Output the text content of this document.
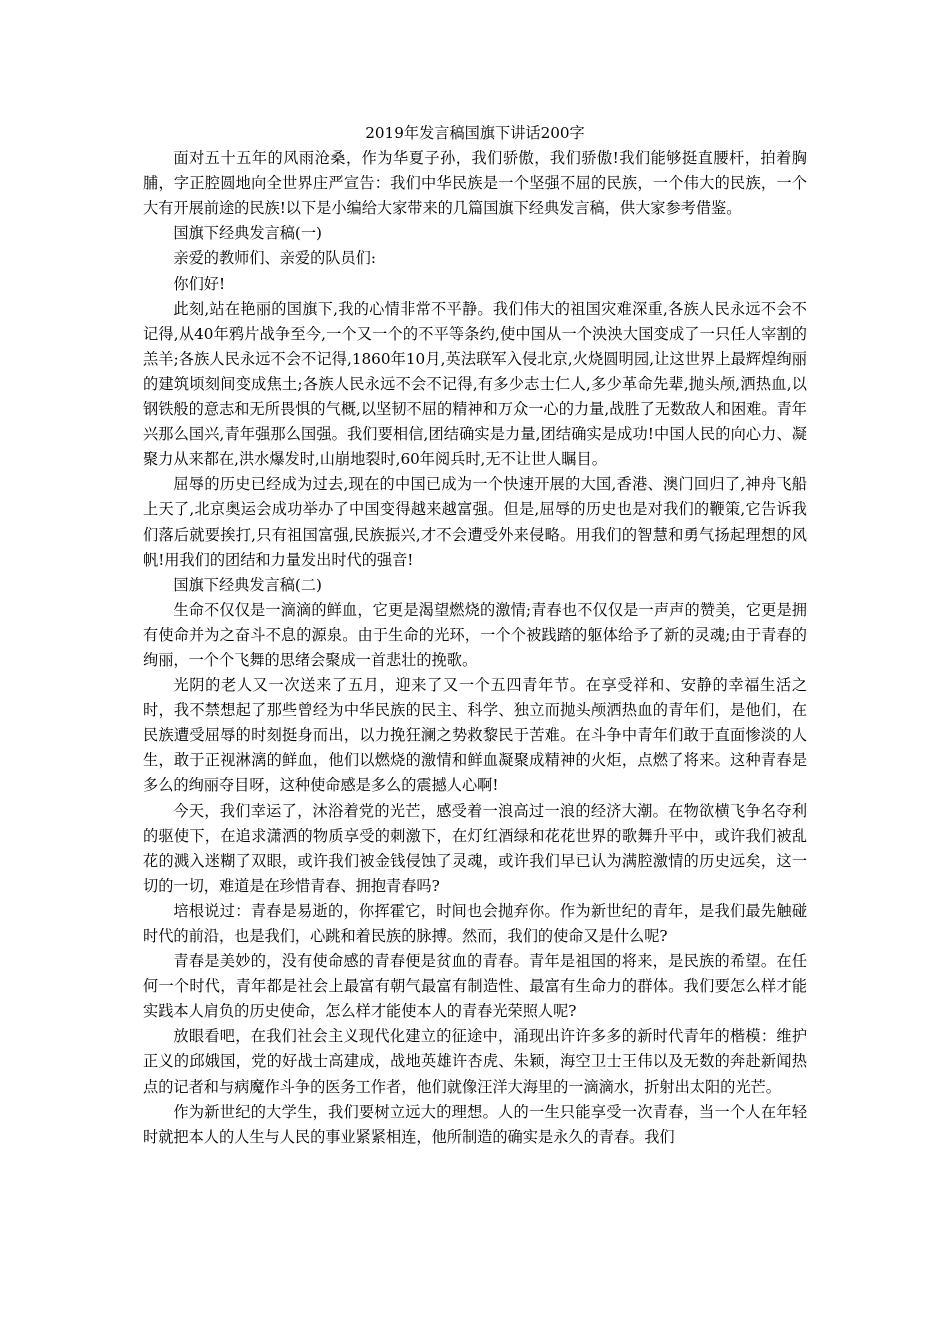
2019年发言稿国旗下讲话200字

面对五十五年的风雨沧桑，作为华夏子孙，我们骄傲，我们骄傲!我们能够挺直腰杆，拍着胸脯，字正腔圆地向全世界庄严宣告：我们中华民族是一个坚强不屈的民族，一个伟大的民族，一个大有开展前途的民族!以下是小编给大家带来的几篇国旗下经典发言稿，供大家参考借鉴。

国旗下经典发言稿(一)

亲爱的教师们、亲爱的队员们:

你们好!

此刻,站在艳丽的国旗下,我的心情非常不平静。我们伟大的祖国灾难深重,各族人民永远不会不记得,从40年鸦片战争至今,一个又一个的不平等条约,使中国从一个泱泱大国变成了一只任人宰割的羔羊;各族人民永远不会不记得,1860年10月,英法联军入侵北京,火烧圆明园,让这世界上最辉煌绚丽的建筑顷刻间变成焦土;各族人民永远不会不记得,有多少志士仁人,多少革命先辈,抛头颅,洒热血,以钢铁般的意志和无所畏惧的气概,以坚韧不屈的精神和万众一心的力量,战胜了无数敌人和困难。青年兴那么国兴,青年强那么国强。我们要相信,团结确实是力量,团结确实是成功!中国人民的向心力、凝聚力从来都在,洪水爆发时,山崩地裂时,60年阅兵时,无不让世人瞩目。

屈辱的历史已经成为过去,现在的中国已成为一个快速开展的大国,香港、澳门回归了,神舟飞船上天了,北京奥运会成功举办了中国变得越来越富强。但是,屈辱的历史也是对我们的鞭策,它告诉我们落后就要挨打,只有祖国富强,民族振兴,才不会遭受外来侵略。用我们的智慧和勇气扬起理想的风帆!用我们的团结和力量发出时代的强音!

国旗下经典发言稿(二)

生命不仅仅是一滴滴的鲜血，它更是渴望燃烧的激情;青春也不仅仅是一声声的赞美，它更是拥有使命并为之奋斗不息的源泉。由于生命的光环，一个个被践踏的躯体给予了新的灵魂;由于青春的绚丽，一个个飞舞的思绪会聚成一首悲壮的挽歌。

光阴的老人又一次送来了五月，迎来了又一个五四青年节。在享受祥和、安静的幸福生活之时，我不禁想起了那些曾经为中华民族的民主、科学、独立而抛头颅洒热血的青年们，是他们，在民族遭受屈辱的时刻挺身而出，以力挽狂澜之势救黎民于苦难。在斗争中青年们敢于直面惨淡的人生，敢于正视淋漓的鲜血，他们以燃烧的激情和鲜血凝聚成精神的火炬，点燃了将来。这种青春是多么的绚丽夺目呀，这种使命感是多么的震撼人心啊!

今天，我们幸运了，沐浴着党的光芒，感受着一浪高过一浪的经济大潮。在物欲横飞争名夺利的驱使下，在追求潇洒的物质享受的刺激下，在灯红酒绿和花花世界的歌舞升平中，或许我们被乱花的溅入迷糊了双眼，或许我们被金钱侵蚀了灵魂，或许我们早已认为满腔激情的历史远矣，这一切的一切，难道是在珍惜青春、拥抱青春吗?

培根说过：青春是易逝的，你挥霍它，时间也会抛弃你。作为新世纪的青年，是我们最先触碰时代的前沿，也是我们，心跳和着民族的脉搏。然而，我们的使命又是什么呢?

青春是美妙的，没有使命感的青春便是贫血的青春。青年是祖国的将来，是民族的希望。在任何一个时代，青年都是社会上最富有朝气最富有制造性、最富有生命力的群体。我们要怎么样才能实践本人肩负的历史使命，怎么样才能使本人的青春光荣照人呢?

放眼看吧，在我们社会主义现代化建立的征途中，涌现出许许多多的新时代青年的楷模：维护正义的邱娥国，党的好战士高建成，战地英雄许杏虎、朱颖，海空卫士王伟以及无数的奔赴新闻热点的记者和与病魔作斗争的医务工作者，他们就像汪洋大海里的一滴滴水，折射出太阳的光芒。

作为新世纪的大学生，我们要树立远大的理想。人的一生只能享受一次青春，当一个人在年轻时就把本人的人生与人民的事业紧紧相连，他所制造的确实是永久的青春。我们
